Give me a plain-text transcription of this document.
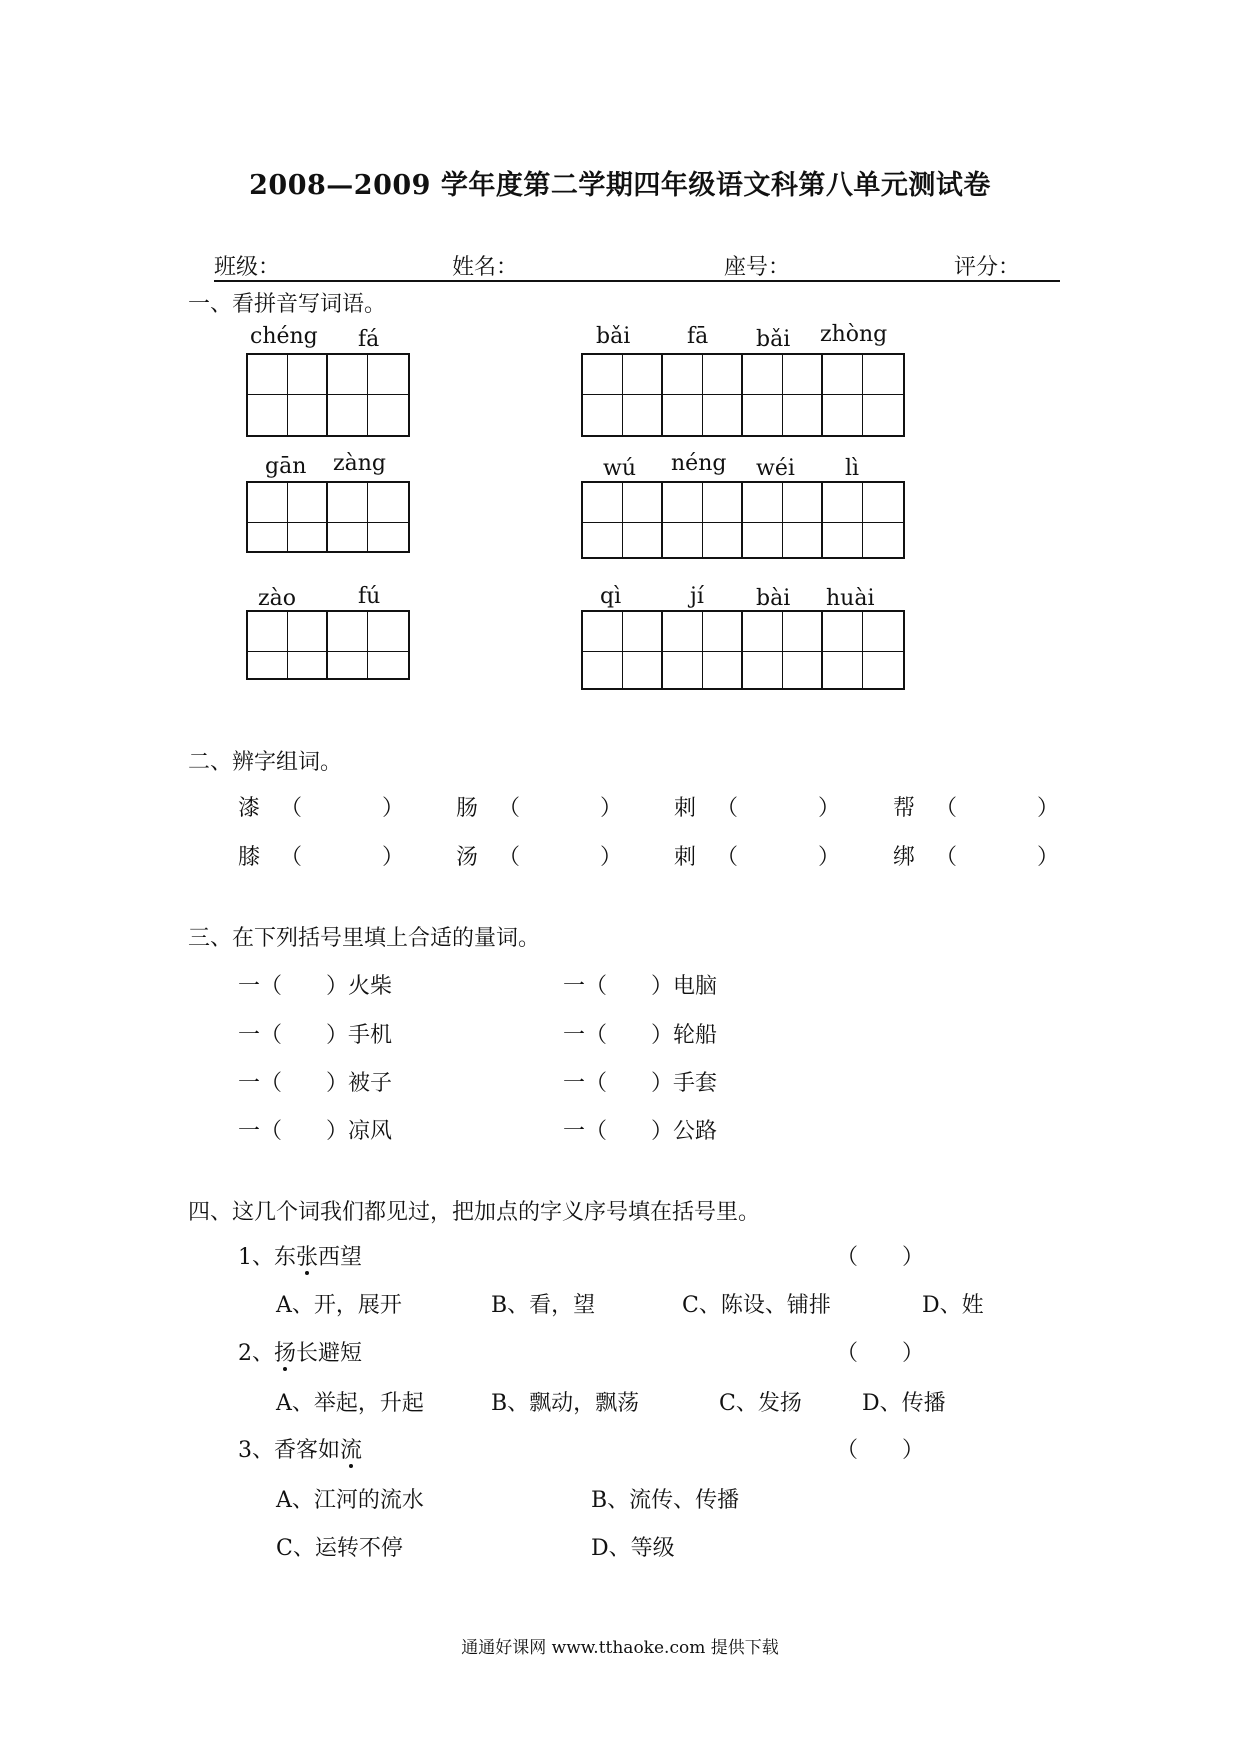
2008—2009 学年度第二学期四年级语文科第八单元测试卷
班级：	姓名：	座号：	评分：
一、看拼音写词语。
chéng fá	bǎi	fā bǎi zhòng
gān zàng	wú néng wéi lì
zào	fú	qì	jí bài huài
二、辨字组词。
漆 （	） 肠 （	） 刺 （	） 帮 （	）
膝 （	） 汤 （	） 刺 （	） 绑 （	）
三、在下列括号里填上合适的量词。
一（ ）火柴	一（ ）电脑
一（ ）手机	一（ ）轮船
一（ ）被子	一（ ）手套
一（ ）凉风	一（ ）公路
四、这几个词我们都见过，把加点的字义序号填在括号里。
1、东张西望	（　　）
A、开，展开	B、看，望	C、陈设、铺排	D、姓
2、扬长避短	（　　）
A、举起，升起	B、飘动，飘荡	C、发扬	D、传播
3、香客如流	（　　）
A、江河的流水	B、流传、传播
C、运转不停	D、等级
通通好课网 www.tthaoke.com 提供下载
